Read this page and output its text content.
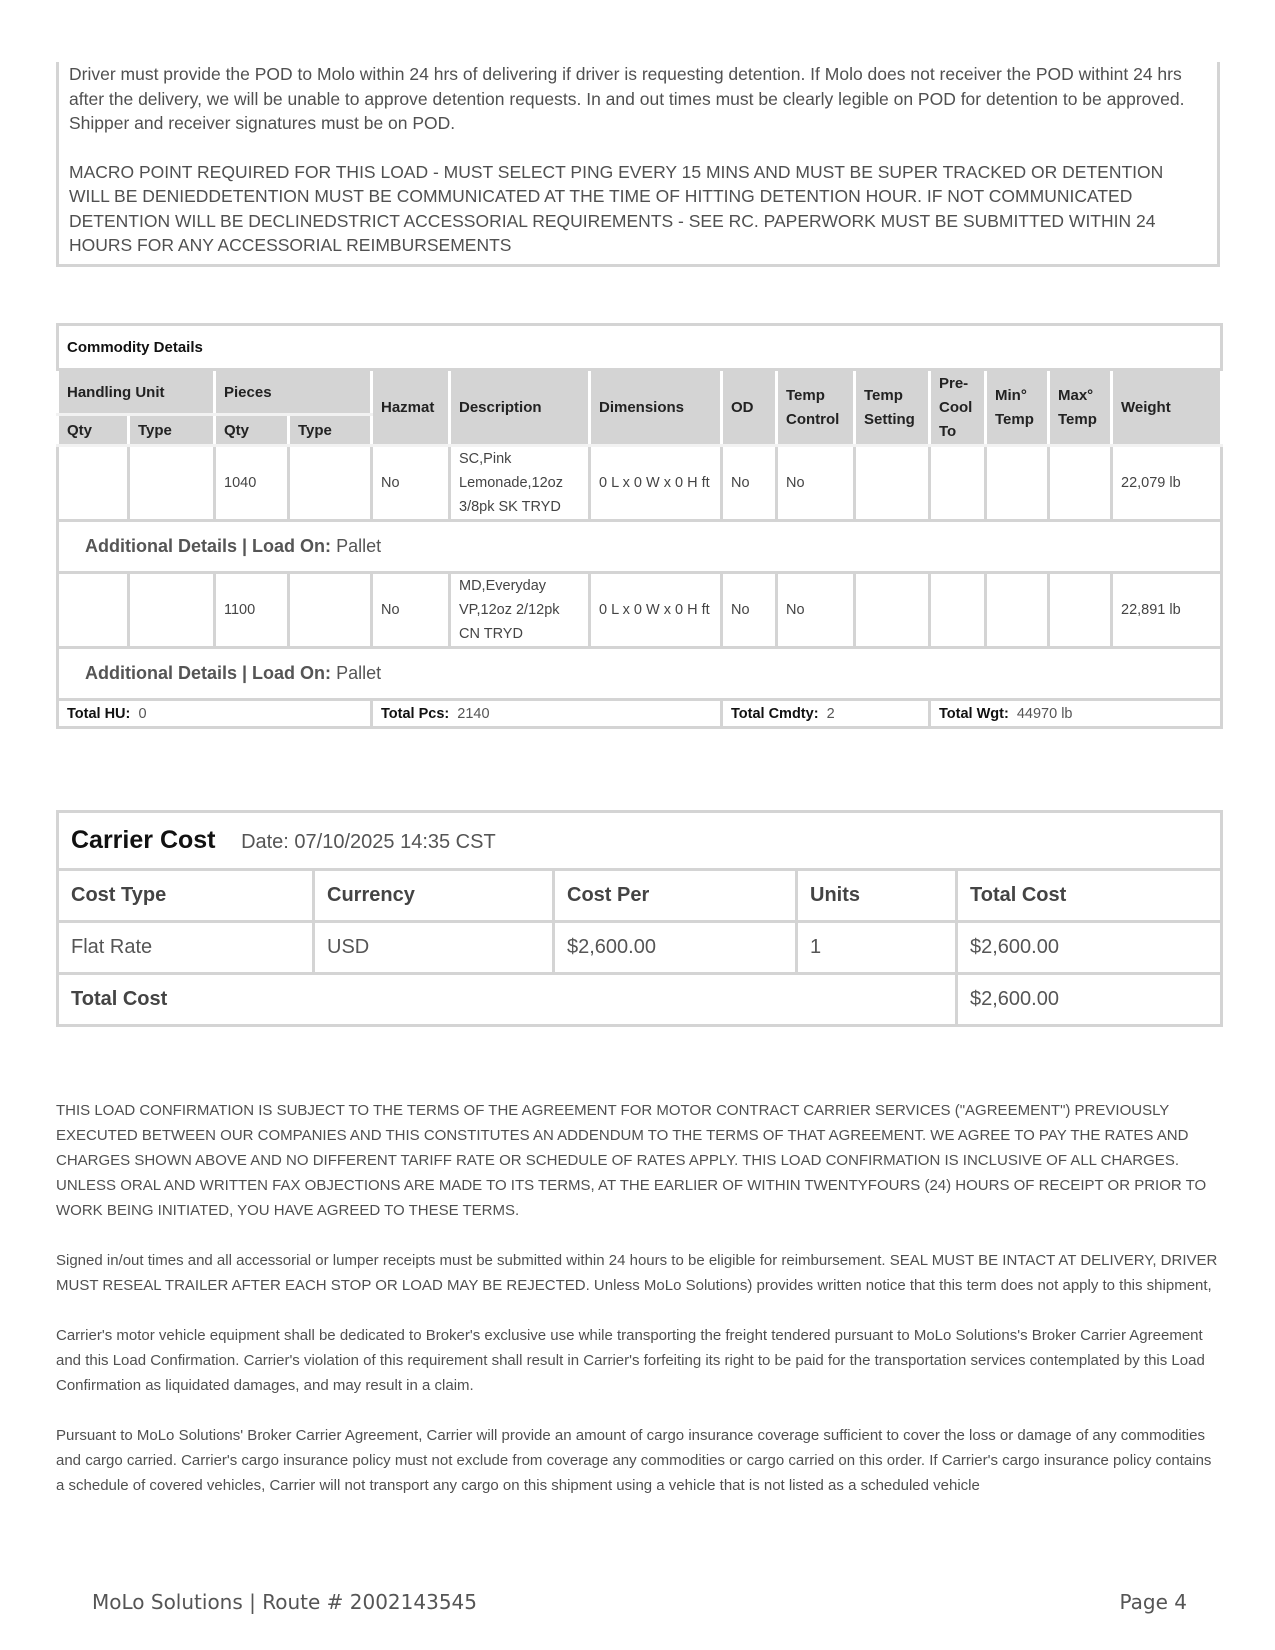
Driver must provide the POD to Molo within 24 hrs of delivering if driver is requesting detention. If Molo does not receiver the POD withint 24 hrs after the delivery, we will be unable to approve detention requests. In and out times must be clearly legible on POD for detention to be approved. Shipper and receiver signatures must be on POD.

MACRO POINT REQUIRED FOR THIS LOAD - MUST SELECT PING EVERY 15 MINS AND MUST BE SUPER TRACKED OR DETENTION WILL BE DENIEDDETENTION MUST BE COMMUNICATED AT THE TIME OF HITTING DETENTION HOUR. IF NOT COMMUNICATED DETENTION WILL BE DECLINEDSTRICT ACCESSORIAL REQUIREMENTS - SEE RC. PAPERWORK MUST BE SUBMITTED WITHIN 24 HOURS FOR ANY ACCESSORIAL REIMBURSEMENTS

Commodity Details													
Handling Unit		Pieces		Hazmat	Description	Dimensions	OD	Temp Control	Temp Setting	Pre-Cool To	Min° Temp	Max° Temp	Weight
Qty	Type	Qty	Type										
		1040		No	SC,Pink Lemonade,12oz 3/8pk SK TRYD	0 L x 0 W x 0 H ft	No	No					22,079 lb
Additional Details | Load On: Pallet													
		1100		No	MD,Everyday VP,12oz 2/12pk CN TRYD	0 L x 0 W x 0 H ft	No	No					22,891 lb
Additional Details | Load On: Pallet													
Total HU: 0				Total Pcs: 2140			Total Cmdty: 2			Total Wgt: 44970 lb			
Carrier Cost Date: 07/10/2025 14:35 CST				
Cost Type	Currency	Cost Per	Units	Total Cost
Flat Rate	USD	$2,600.00	1	$2,600.00
Total Cost				$2,600.00

THIS LOAD CONFIRMATION IS SUBJECT TO THE TERMS OF THE AGREEMENT FOR MOTOR CONTRACT CARRIER SERVICES ("AGREEMENT") PREVIOUSLY EXECUTED BETWEEN OUR COMPANIES AND THIS CONSTITUTES AN ADDENDUM TO THE TERMS OF THAT AGREEMENT. WE AGREE TO PAY THE RATES AND CHARGES SHOWN ABOVE AND NO DIFFERENT TARIFF RATE OR SCHEDULE OF RATES APPLY. THIS LOAD CONFIRMATION IS INCLUSIVE OF ALL CHARGES. UNLESS ORAL AND WRITTEN FAX OBJECTIONS ARE MADE TO ITS TERMS, AT THE EARLIER OF WITHIN TWENTYFOURS (24) HOURS OF RECEIPT OR PRIOR TO WORK BEING INITIATED, YOU HAVE AGREED TO THESE TERMS.

Signed in/out times and all accessorial or lumper receipts must be submitted within 24 hours to be eligible for reimbursement. SEAL MUST BE INTACT AT DELIVERY, DRIVER MUST RESEAL TRAILER AFTER EACH STOP OR LOAD MAY BE REJECTED. Unless MoLo Solutions) provides written notice that this term does not apply to this shipment,

Carrier's motor vehicle equipment shall be dedicated to Broker's exclusive use while transporting the freight tendered pursuant to MoLo Solutions's Broker Carrier Agreement and this Load Confirmation. Carrier's violation of this requirement shall result in Carrier's forfeiting its right to be paid for the transportation services contemplated by this Load Confirmation as liquidated damages, and may result in a claim.

Pursuant to MoLo Solutions' Broker Carrier Agreement, Carrier will provide an amount of cargo insurance coverage sufficient to cover the loss or damage of any commodities and cargo carried. Carrier's cargo insurance policy must not exclude from coverage any commodities or cargo carried on this order. If Carrier's cargo insurance policy contains a schedule of covered vehicles, Carrier will not transport any cargo on this shipment using a vehicle that is not listed as a scheduled vehicle

MoLo Solutions | Route # 2002143545	Page 4
